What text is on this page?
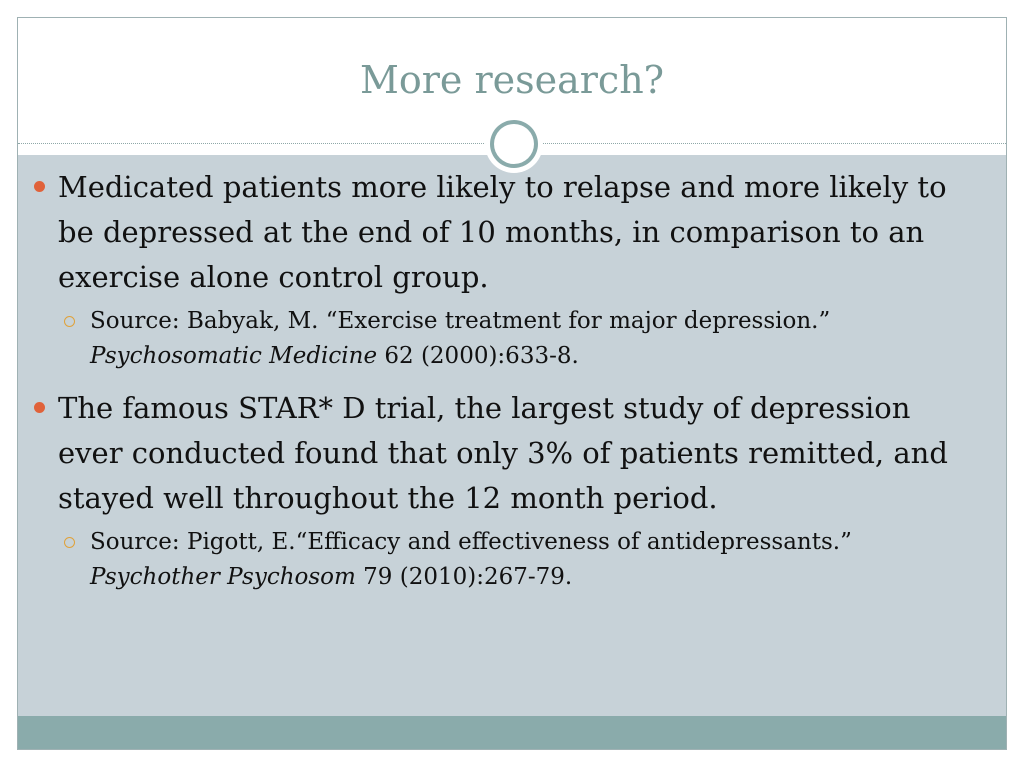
More research?
Medicated patients more likely to relapse and more likely to be depressed at the end of 10 months, in comparison to an exercise alone control group.
Source: Babyak, M. “Exercise treatment for major depression.” Psychosomatic Medicine 62 (2000):633-8.
The famous STAR* D trial, the largest study of depression ever conducted found that only 3% of patients remitted, and stayed well throughout the 12 month period.
Source: Pigott, E.“Efficacy and effectiveness of antidepressants.” Psychother Psychosom 79 (2010):267-79.
